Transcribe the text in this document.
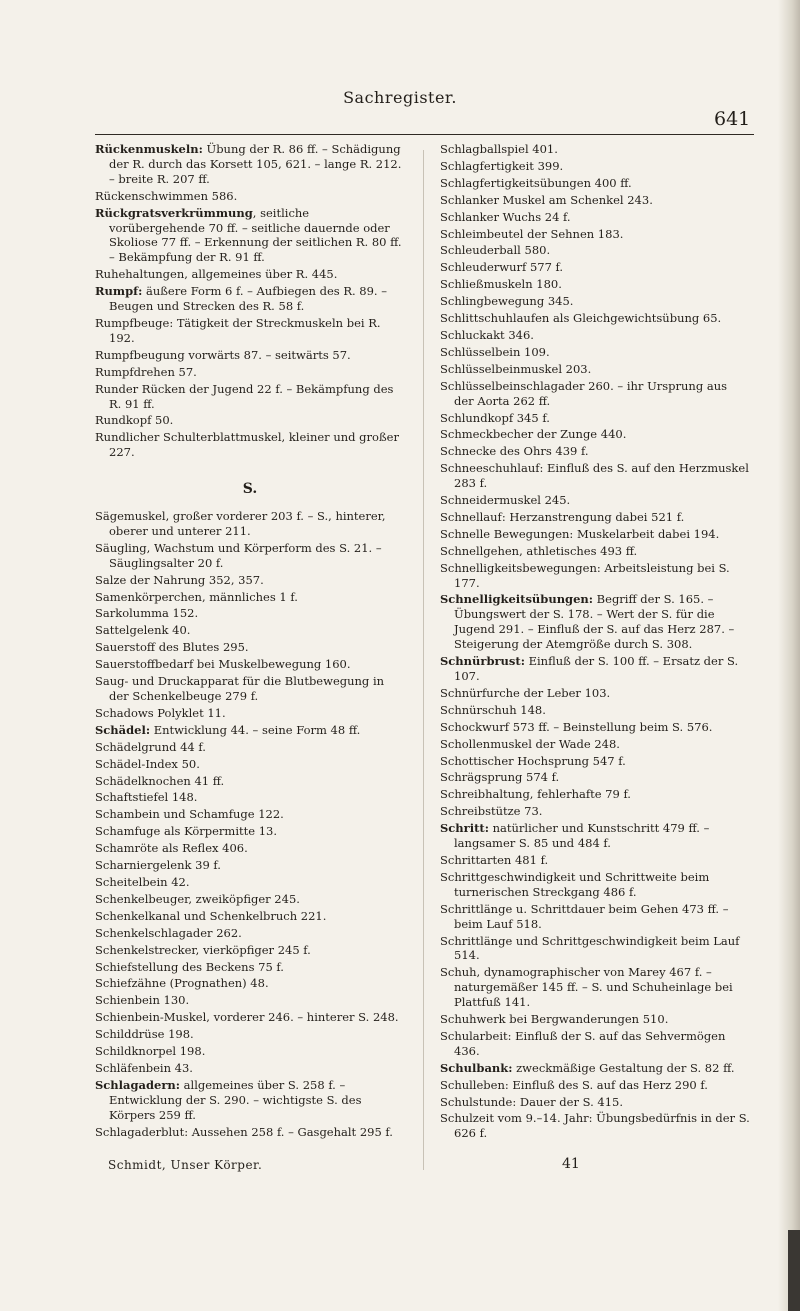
Sachregister.
641
Rückenmuskeln: Übung der R. 86 ff. – Schädigung der R. durch das Korsett 105, 621. – lange R. 212. – breite R. 207 ff.
Rückenschwimmen 586.
Rückgratsverkrümmung, seitliche vorübergehende 70 ff. – seitliche dauernde oder Skoliose 77 ff. – Erkennung der seitlichen R. 80 ff. – Bekämpfung der R. 91 ff.
Ruhehaltungen, allgemeines über R. 445.
Rumpf: äußere Form 6 f. – Aufbiegen des R. 89. – Beugen und Strecken des R. 58 f.
Rumpfbeuge: Tätigkeit der Streckmuskeln bei R. 192.
Rumpfbeugung vorwärts 87. – seitwärts 57.
Rumpfdrehen 57.
Runder Rücken der Jugend 22 f. – Bekämpfung des R. 91 ff.
Rundkopf 50.
Rundlicher Schulterblattmuskel, kleiner und großer 227.
S.
Sägemuskel, großer vorderer 203 f. – S., hinterer, oberer und unterer 211.
Säugling, Wachstum und Körperform des S. 21. – Säuglingsalter 20 f.
Salze der Nahrung 352, 357.
Samenkörperchen, männliches 1 f.
Sarkolumma 152.
Sattelgelenk 40.
Sauerstoff des Blutes 295.
Sauerstoffbedarf bei Muskelbewegung 160.
Saug- und Druckapparat für die Blutbewegung in der Schenkelbeuge 279 f.
Schadows Polyklet 11.
Schädel: Entwicklung 44. – seine Form 48 ff.
Schädelgrund 44 f.
Schädel-Index 50.
Schädelknochen 41 ff.
Schaftstiefel 148.
Schambein und Schamfuge 122.
Schamfuge als Körpermitte 13.
Schamröte als Reflex 406.
Scharniergelenk 39 f.
Scheitelbein 42.
Schenkelbeuger, zweiköpfiger 245.
Schenkelkanal und Schenkelbruch 221.
Schenkelschlagader 262.
Schenkelstrecker, vierköpfiger 245 f.
Schiefstellung des Beckens 75 f.
Schiefzähne (Prognathen) 48.
Schienbein 130.
Schienbein-Muskel, vorderer 246. – hinterer S. 248.
Schilddrüse 198.
Schildknorpel 198.
Schläfenbein 43.
Schlagadern: allgemeines über S. 258 f. – Entwicklung der S. 290. – wichtigste S. des Körpers 259 ff.
Schlagaderblut: Aussehen 258 f. – Gasgehalt 295 f.
Schlagballspiel 401.
Schlagfertigkeit 399.
Schlagfertigkeitsübungen 400 ff.
Schlanker Muskel am Schenkel 243.
Schlanker Wuchs 24 f.
Schleimbeutel der Sehnen 183.
Schleuderball 580.
Schleuderwurf 577 f.
Schließmuskeln 180.
Schlingbewegung 345.
Schlittschuhlaufen als Gleichgewichtsübung 65.
Schluckakt 346.
Schlüsselbein 109.
Schlüsselbeinmuskel 203.
Schlüsselbeinschlagader 260. – ihr Ursprung aus der Aorta 262 ff.
Schlundkopf 345 f.
Schmeckbecher der Zunge 440.
Schnecke des Ohrs 439 f.
Schneeschuhlauf: Einfluß des S. auf den Herzmuskel 283 f.
Schneidermuskel 245.
Schnellauf: Herzanstrengung dabei 521 f.
Schnelle Bewegungen: Muskelarbeit dabei 194.
Schnellgehen, athletisches 493 ff.
Schnelligkeitsbewegungen: Arbeitsleistung bei S. 177.
Schnelligkeitsübungen: Begriff der S. 165. – Übungswert der S. 178. – Wert der S. für die Jugend 291. – Einfluß der S. auf das Herz 287. – Steigerung der Atemgröße durch S. 308.
Schnürbrust: Einfluß der S. 100 ff. – Ersatz der S. 107.
Schnürfurche der Leber 103.
Schnürschuh 148.
Schockwurf 573 ff. – Beinstellung beim S. 576.
Schollenmuskel der Wade 248.
Schottischer Hochsprung 547 f.
Schrägsprung 574 f.
Schreibhaltung, fehlerhafte 79 f.
Schreibstütze 73.
Schritt: natürlicher und Kunstschritt 479 ff. – langsamer S. 85 und 484 f.
Schrittarten 481 f.
Schrittgeschwindigkeit und Schrittweite beim turnerischen Streckgang 486 f.
Schrittlänge u. Schrittdauer beim Gehen 473 ff. – beim Lauf 518.
Schrittlänge und Schrittgeschwindigkeit beim Lauf 514.
Schuh, dynamographischer von Marey 467 f. – naturgemäßer 145 ff. – S. und Schuheinlage bei Plattfuß 141.
Schuhwerk bei Bergwanderungen 510.
Schularbeit: Einfluß der S. auf das Sehvermögen 436.
Schulbank: zweckmäßige Gestaltung der S. 82 ff.
Schulleben: Einfluß des S. auf das Herz 290 f.
Schulstunde: Dauer der S. 415.
Schulzeit vom 9.–14. Jahr: Übungsbedürfnis in der S. 626 f.
Schmidt, Unser Körper.	41
